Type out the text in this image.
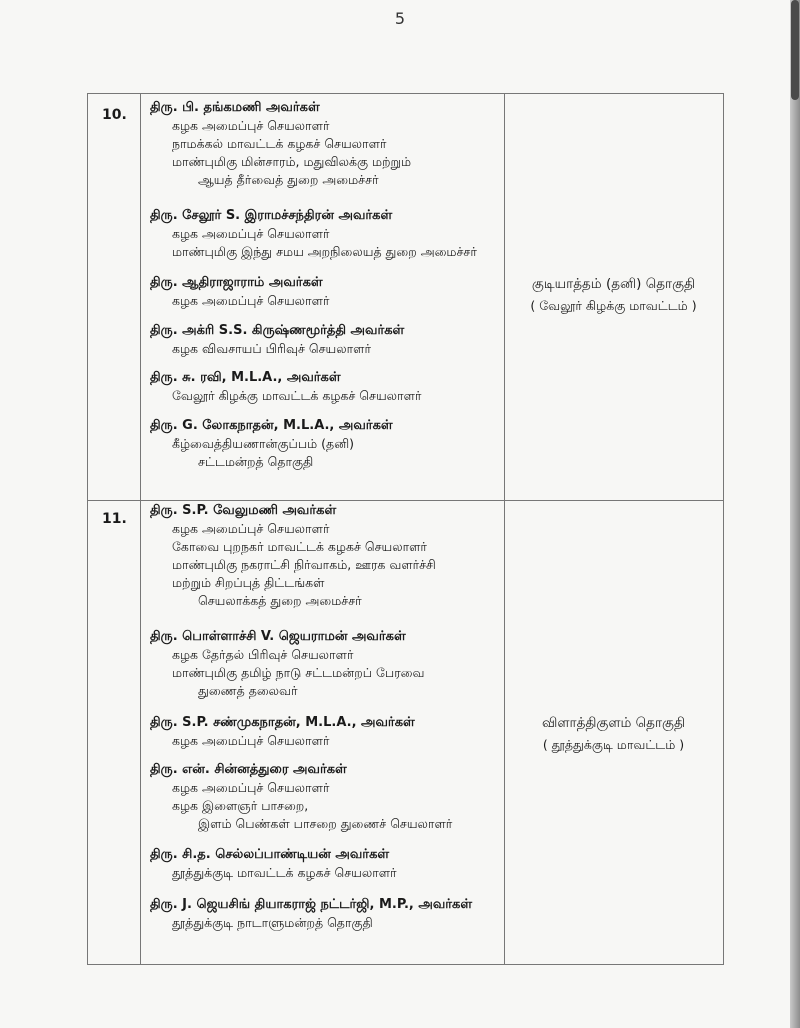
5
10. திரு. பி. தங்கமணி அவர்கள்
கழக அமைப்புச் செயலாளர்
நாமக்கல் மாவட்டக் கழகச் செயலாளர்
மாண்புமிகு மின்சாரம், மதுவிலக்கு மற்றும்
ஆயத் தீர்வைத் துறை அமைச்சர்
திரு. சேலூர் S. இராமச்சந்திரன் அவர்கள்
கழக அமைப்புச் செயலாளர்
மாண்புமிகு இந்து சமய அறநிலையத் துறை அமைச்சர்
திரு. ஆதிராஜாராம் அவர்கள்
கழக அமைப்புச் செயலாளர்
திரு. அக்ரி S.S. கிருஷ்ணமூர்த்தி அவர்கள்
கழக விவசாயப் பிரிவுச் செயலாளர்
திரு. சு. ரவி, M.L.A., அவர்கள்
வேலூர் கிழக்கு மாவட்டக் கழகச் செயலாளர்
திரு. G. லோகநாதன், M.L.A., அவர்கள்
கீழ்வைத்தியணான்குப்பம் (தனி)
சட்டமன்றத் தொகுதி
குடியாத்தம் (தனி) தொகுதி
( வேலூர் கிழக்கு மாவட்டம் )
11.
திரு. S.P. வேலுமணி அவர்கள்
கழக அமைப்புச் செயலாளர்
கோவை புறநகர் மாவட்டக் கழகச் செயலாளர்
மாண்புமிகு நகராட்சி நிர்வாகம், ஊரக வளர்ச்சி
மற்றும் சிறப்புத் திட்டங்கள்
செயலாக்கத் துறை அமைச்சர்
திரு. பொள்ளாச்சி V. ஜெயராமன் அவர்கள்
கழக தேர்தல் பிரிவுச் செயலாளர்
மாண்புமிகு தமிழ் நாடு சட்டமன்றப் பேரவை
துணைத் தலைவர்
திரு. S.P. சண்முகநாதன், M.L.A., அவர்கள்
கழக அமைப்புச் செயலாளர்
திரு. என். சின்னத்துரை அவர்கள்
கழக அமைப்புச் செயலாளர்
கழக இளைஞர் பாசறை,
இளம் பெண்கள் பாசறை துணைச் செயலாளர்
திரு. சி.த. செல்லப்பாண்டியன் அவர்கள்
தூத்துக்குடி மாவட்டக் கழகச் செயலாளர்
திரு. J. ஜெயசிங் தியாகராஜ் நட்டர்ஜி, M.P., அவர்கள்
தூத்துக்குடி நாடாளுமன்றத் தொகுதி
விளாத்திகுளம் தொகுதி
( தூத்துக்குடி மாவட்டம் )
